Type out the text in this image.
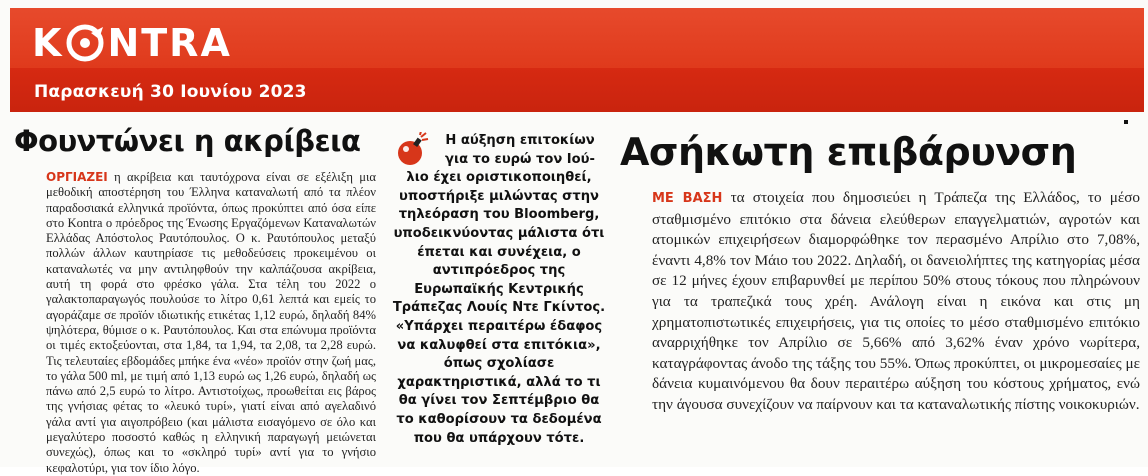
K NTRA
Παρασκευή 30 Ιουνίου 2023
Φουντώνει η ακρίβεια
ΟΡΓΙΑΖΕΙ η ακρίβεια και ταυτόχρονα είναι σε εξέλιξη μια μεθοδική αποστέρηση του Έλληνα καταναλωτή από τα πλέον παραδοσιακά ελληνικά προϊόντα, όπως προκύπτει από όσα είπε στο Kontra ο πρόεδρος της Ένωσης Εργαζόμενων Καταναλωτών Ελλάδας Απόστολος Ραυτόπουλος. Ο κ. Ραυτόπουλος μεταξύ πολλών άλλων καυτηρίασε τις μεθοδεύσεις προκειμένου οι καταναλωτές να μην αντιληφθούν την καλπάζουσα ακρίβεια, αυτή τη φορά στο φρέσκο γάλα. Στα τέλη του 2022 ο γαλακτοπαραγωγός πουλούσε το λίτρο 0,61 λεπτά και εμείς το αγοράζαμε σε προϊόν ιδιωτικής ετικέτας 1,12 ευρώ, δηλαδή 84% ψηλότερα, θύμισε ο κ. Ραυτόπουλος. Και στα επώνυμα προϊόντα οι τιμές εκτοξεύονται, στα 1,84, τα 1,94, τα 2,08, τα 2,28 ευρώ. Τις τελευταίες εβδομάδες μπήκε ένα «νέο» προϊόν στην ζωή μας, το γάλα 500 ml, με τιμή από 1,13 ευρώ ως 1,26 ευρώ, δηλαδή ως πάνω από 2,5 ευρώ το λίτρο. Αντιστοίχως, προωθείται εις βάρος της γνήσιας φέτας το «λευκό τυρί», γιατί είναι από αγελαδινό γάλα αντί για αιγοπρόβειο (και μάλιστα εισαγόμενο σε όλο και μεγαλύτερο ποσοστό καθώς η ελληνική παραγωγή μειώνεται συνεχώς), όπως και το «σκληρό τυρί» αντί για το γνήσιο κεφαλοτύρι, για τον ίδιο λόγο.
Η αύξηση επιτοκίων
για το ευρώ τον Ιού-
λιο έχει οριστικοποιηθεί, υποστήριξε μιλώντας στην τηλεόραση του Bloomberg, υποδεικνύοντας μάλιστα ότι έπεται και συνέχεια, ο αντιπρόεδρος της Ευρωπαϊκής Κεντρικής Τράπεζας Λουίς Ντε Γκίντος. «Υπάρχει περαιτέρω έδαφος να καλυφθεί στα επιτόκια», όπως σχολίασε χαρακτηριστικά, αλλά το τι θα γίνει τον Σεπτέμβριο θα το καθορίσουν τα δεδομένα που θα υπάρχουν τότε.
Ασήκωτη επιβάρυνση
ΜΕ ΒΑΣΗ τα στοιχεία που δημοσιεύει η Τράπεζα της Ελλάδος, το μέσο σταθμισμένο επιτόκιο στα δάνεια ελεύθερων επαγγελματιών, αγροτών και ατομικών επιχειρήσεων διαμορφώθηκε τον περασμένο Απρίλιο στο 7,08%, έναντι 4,8% τον Μάιο του 2022. Δηλαδή, οι δανειολήπτες της κατηγορίας μέσα σε 12 μήνες έχουν επιβαρυνθεί με περίπου 50% στους τόκους που πληρώνουν για τα τραπεζικά τους χρέη. Ανάλογη είναι η εικόνα και στις μη χρηματοπιστωτικές επιχειρήσεις, για τις οποίες το μέσο σταθμισμένο επιτόκιο αναρριχήθηκε τον Απρίλιο σε 5,66% από 3,62% έναν χρόνο νωρίτερα, καταγράφοντας άνοδο της τάξης του 55%. Όπως προκύπτει, οι μικρομεσαίες με δάνεια κυμαινόμενου θα δουν περαιτέρω αύξηση του κόστους χρήματος, ενώ την άγουσα συνεχίζουν να παίρνουν και τα καταναλωτικής πίστης νοικοκυριών.
